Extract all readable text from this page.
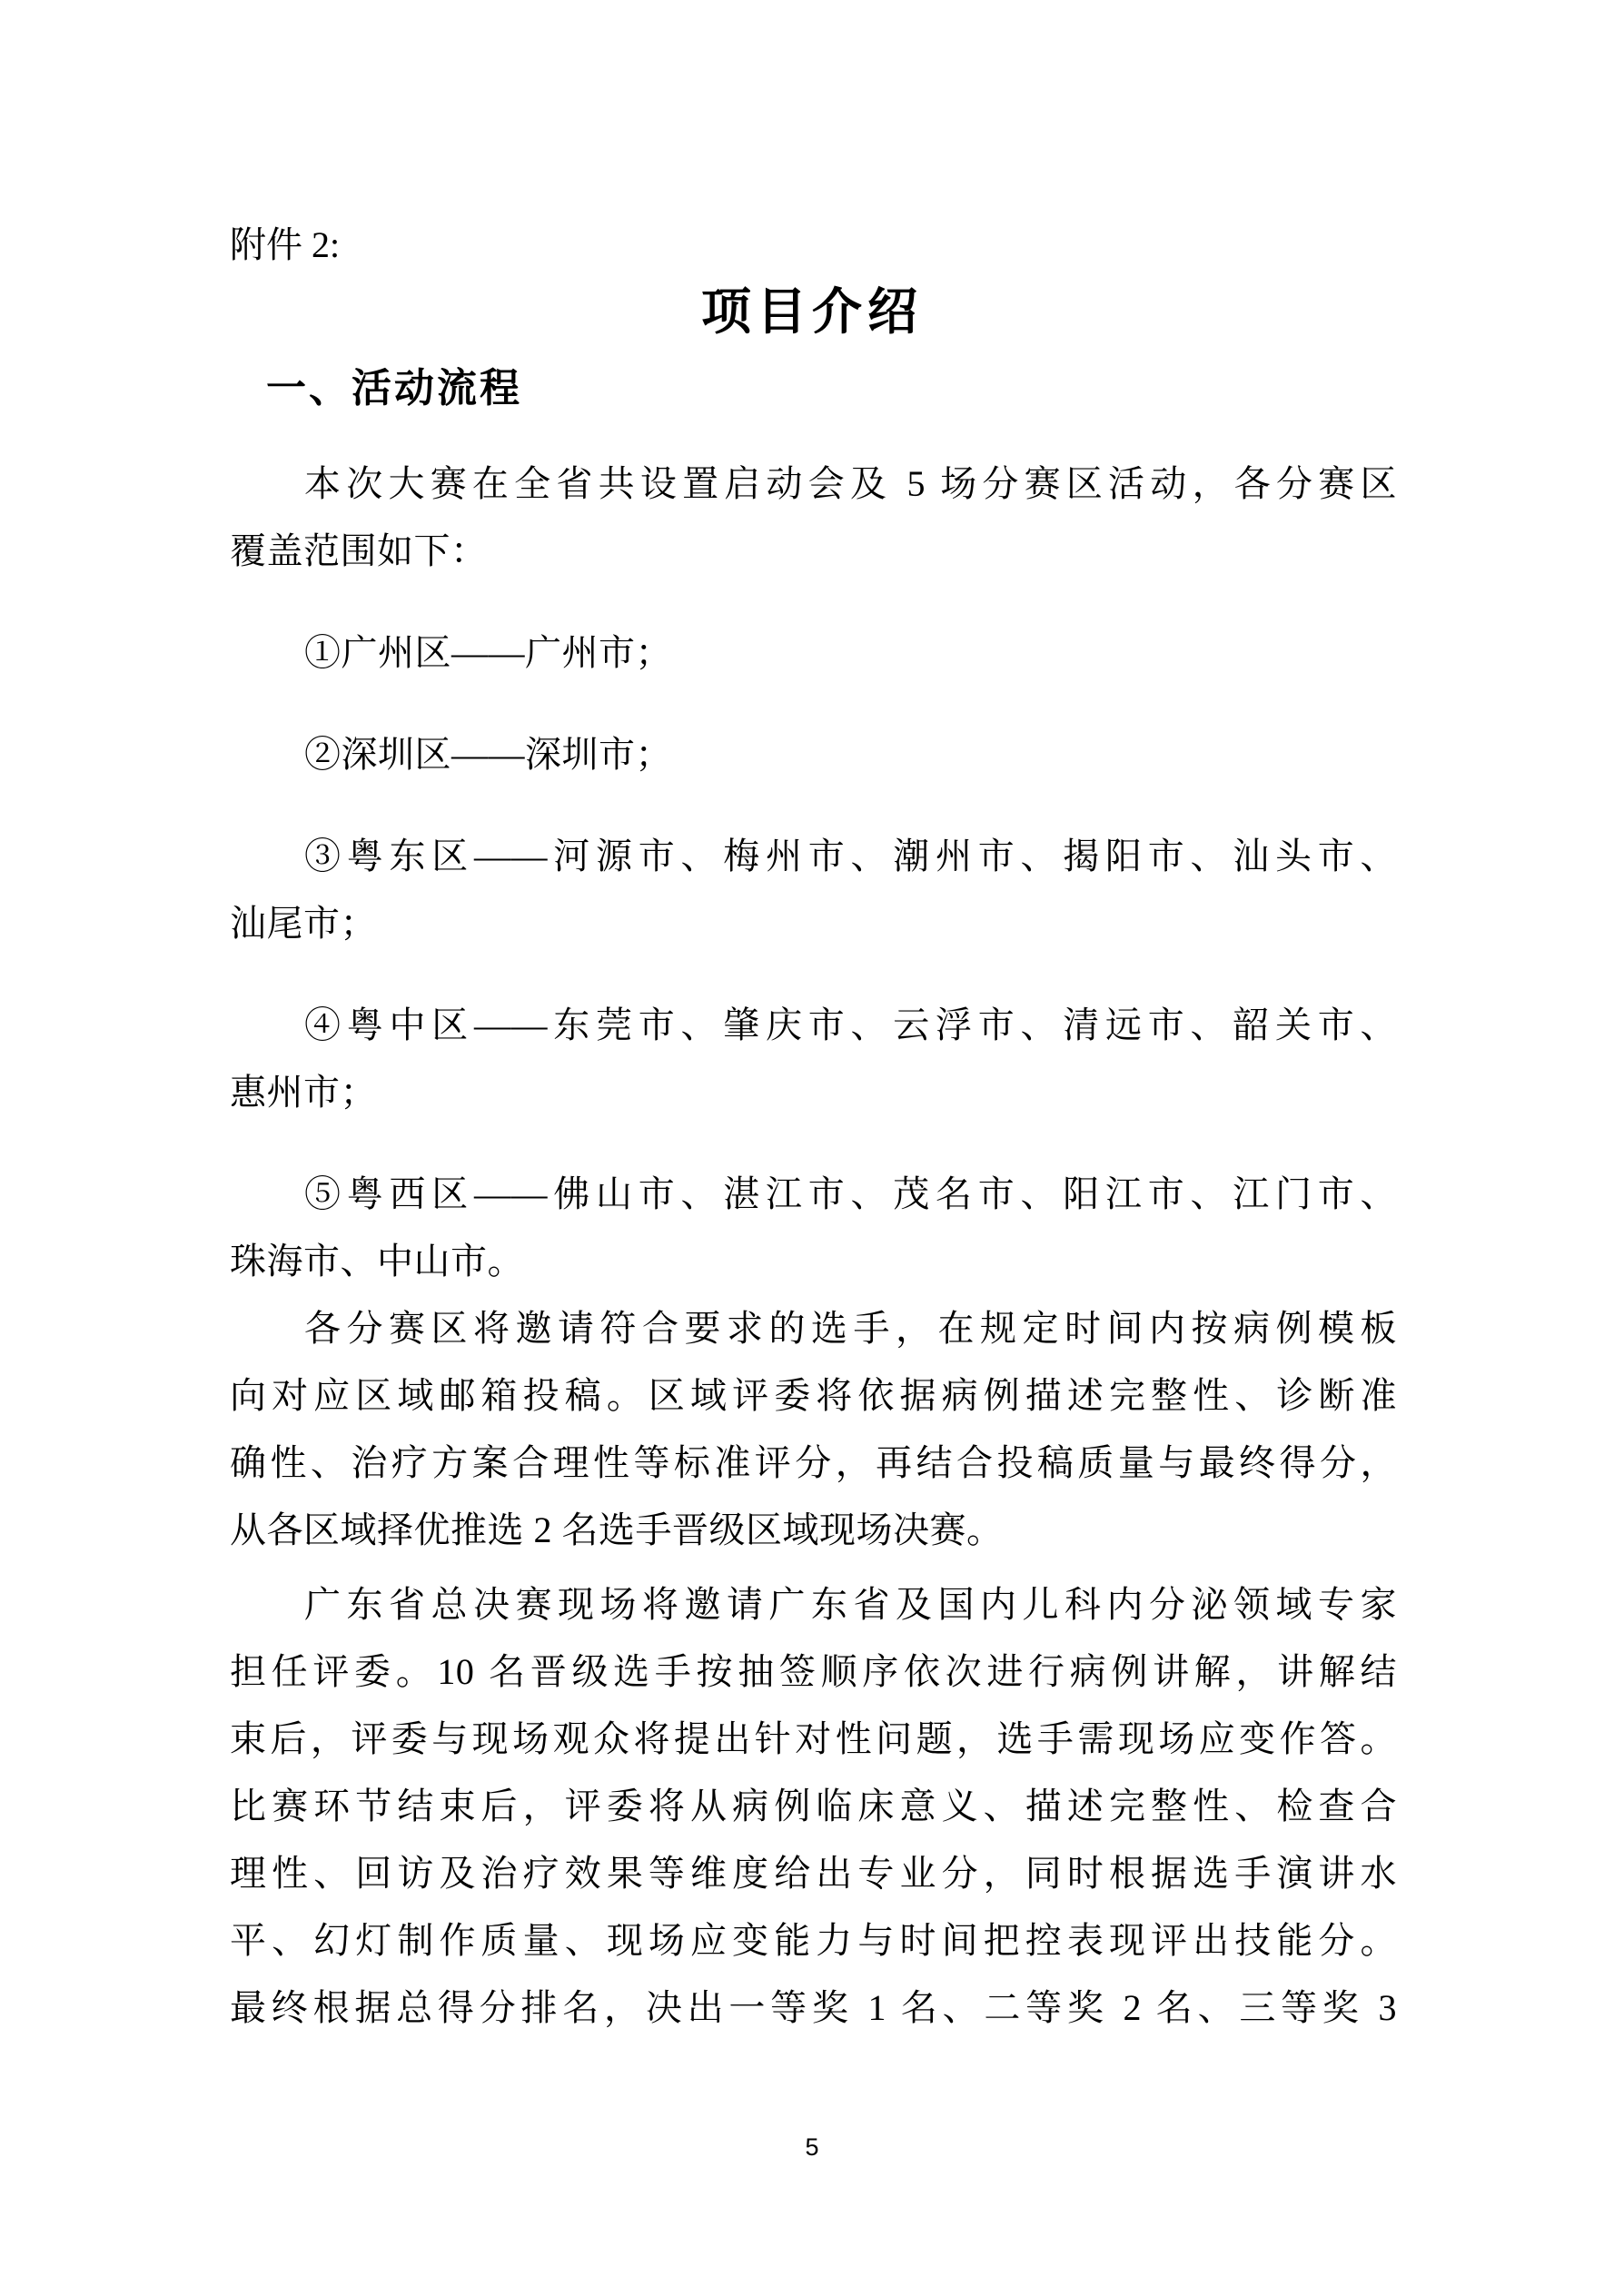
附件 2:
项目介绍
一、活动流程
本次大赛在全省共设置启动会及 5 场分赛区活动，各分赛区
覆盖范围如下：
①广州区——广州市；
②深圳区——深圳市；
③粤东区——河源市、梅州市、潮州市、揭阳市、汕头市、
汕尾市；
④粤中区——东莞市、肇庆市、云浮市、清远市、韶关市、
惠州市；
⑤粤西区——佛山市、湛江市、茂名市、阳江市、江门市、
珠海市、中山市。
各分赛区将邀请符合要求的选手，在规定时间内按病例模板
向对应区域邮箱投稿。区域评委将依据病例描述完整性、诊断准
确性、治疗方案合理性等标准评分，再结合投稿质量与最终得分，
从各区域择优推选 2 名选手晋级区域现场决赛。
广东省总决赛现场将邀请广东省及国内儿科内分泌领域专家
担任评委。10 名晋级选手按抽签顺序依次进行病例讲解，讲解结
束后，评委与现场观众将提出针对性问题，选手需现场应变作答。
比赛环节结束后，评委将从病例临床意义、描述完整性、检查合
理性、回访及治疗效果等维度给出专业分，同时根据选手演讲水
平、幻灯制作质量、现场应变能力与时间把控表现评出技能分。
最终根据总得分排名，决出一等奖 1 名、二等奖 2 名、三等奖 3
5
